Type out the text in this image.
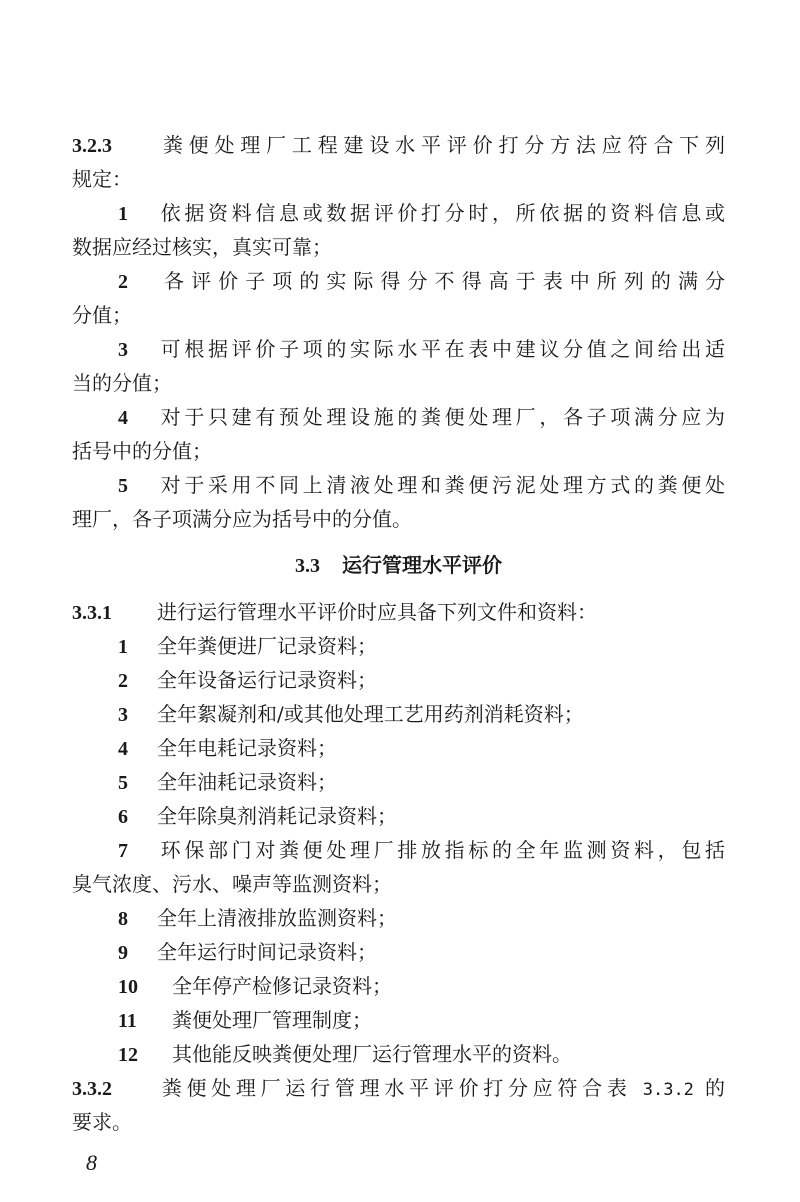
3.2.3 粪便处理厂工程建设水平评价打分方法应符合下列
规定：
1 依据资料信息或数据评价打分时，所依据的资料信息或
数据应经过核实，真实可靠；
2 各评价子项的实际得分不得高于表中所列的满分
分值；
3 可根据评价子项的实际水平在表中建议分值之间给出适
当的分值；
4 对于只建有预处理设施的粪便处理厂，各子项满分应为
括号中的分值；
5 对于采用不同上清液处理和粪便污泥处理方式的粪便处
理厂，各子项满分应为括号中的分值。
3.3 运行管理水平评价
3.3.1 进行运行管理水平评价时应具备下列文件和资料：
1 全年粪便进厂记录资料；
2 全年设备运行记录资料；
3 全年絮凝剂和/或其他处理工艺用药剂消耗资料；
4 全年电耗记录资料；
5 全年油耗记录资料；
6 全年除臭剂消耗记录资料；
7 环保部门对粪便处理厂排放指标的全年监测资料，包括
臭气浓度、污水、噪声等监测资料；
8 全年上清液排放监测资料；
9 全年运行时间记录资料；
10 全年停产检修记录资料；
11 粪便处理厂管理制度；
12 其他能反映粪便处理厂运行管理水平的资料。
3.3.2 粪便处理厂运行管理水平评价打分应符合表 3.3.2 的
要求。
8
